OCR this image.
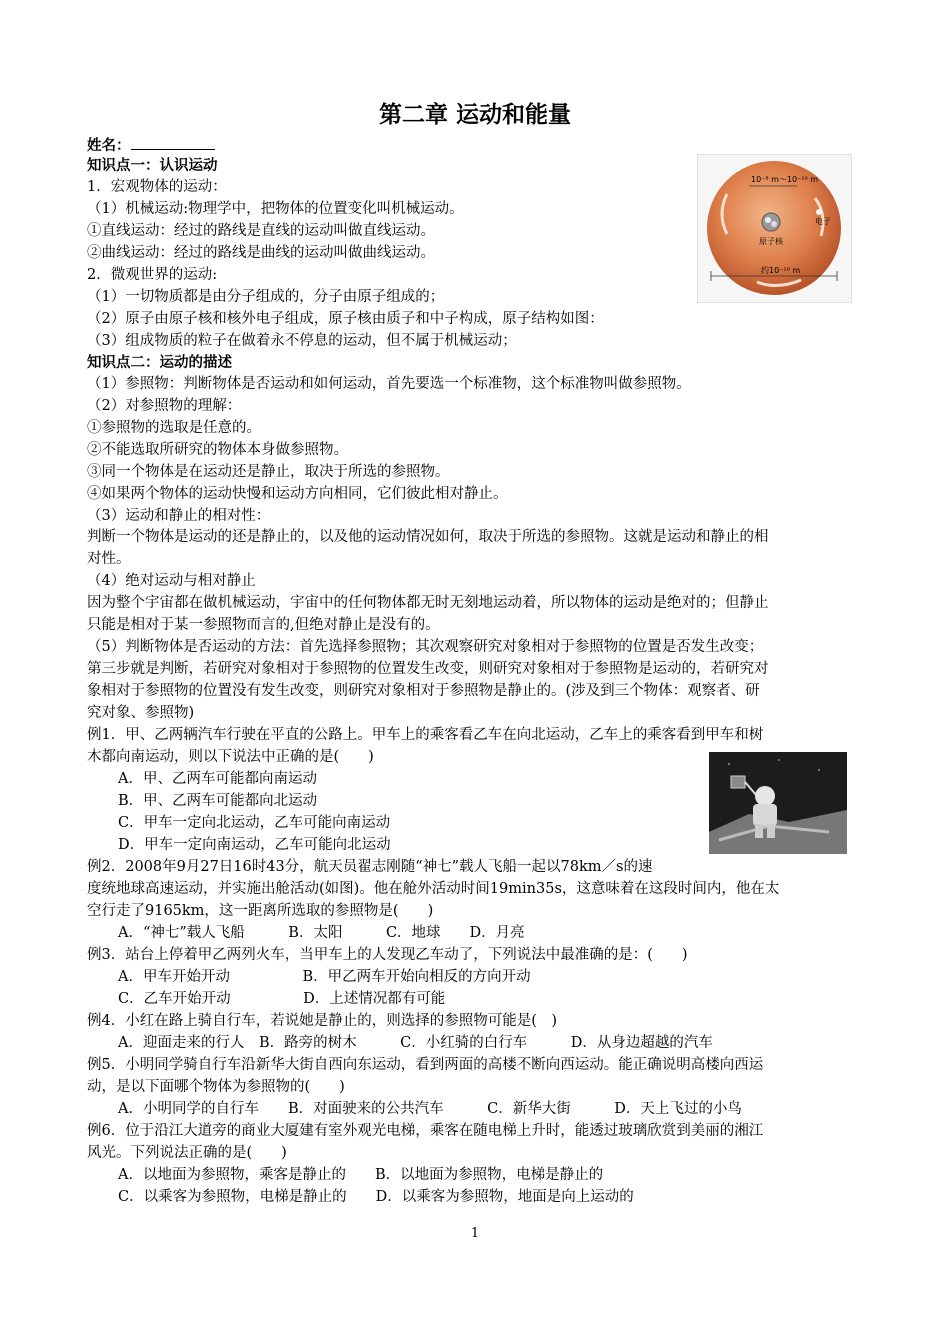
第二章 运动和能量
姓名：
知识点一：认识运动
1．宏观物体的运动：
（1）机械运动:物理学中，把物体的位置变化叫机械运动。
①直线运动：经过的路线是直线的运动叫做直线运动。
②曲线运动：经过的路线是曲线的运动叫做曲线运动。
2．微观世界的运动:
（1）一切物质都是由分子组成的，分子由原子组成的；
（2）原子由原子核和核外电子组成，原子核由质子和中子构成，原子结构如图：
（3）组成物质的粒子在做着永不停息的运动，但不属于机械运动；
知识点二：运动的描述
（1）参照物：判断物体是否运动和如何运动，首先要选一个标准物，这个标准物叫做参照物。
（2）对参照物的理解：
①参照物的选取是任意的。
②不能选取所研究的物体本身做参照物。
③同一个物体是在运动还是静止，取决于所选的参照物。
④如果两个物体的运动快慢和运动方向相同，它们彼此相对静止。
（3）运动和静止的相对性：
判断一个物体是运动的还是静止的，以及他的运动情况如何，取决于所选的参照物。这就是运动和静止的相
对性。
（4）绝对运动与相对静止
因为整个宇宙都在做机械运动，宇宙中的任何物体都无时无刻地运动着，所以物体的运动是绝对的；但静止
只能是相对于某一参照物而言的,但绝对静止是没有的。
（5）判断物体是否运动的方法：首先选择参照物；其次观察研究对象相对于参照物的位置是否发生改变；
第三步就是判断，若研究对象相对于参照物的位置发生改变，则研究对象相对于参照物是运动的，若研究对
象相对于参照物的位置没有发生改变，则研究对象相对于参照物是静止的。(涉及到三个物体：观察者、研
究对象、参照物)
例1．甲、乙两辆汽车行驶在平直的公路上。甲车上的乘客看乙车在向北运动，乙车上的乘客看到甲车和树
木都向南运动，则以下说法中正确的是(　　)
A．甲、乙两车可能都向南运动
B．甲、乙两车可能都向北运动
C．甲车一定向北运动，乙车可能向南运动
D．甲车一定向南运动，乙车可能向北运动
例2．2008年9月27日16时43分，航天员翟志刚随“神七”载人飞船一起以78km／s的速
度统地球高速运动，并实施出舱活动(如图)。他在舱外活动时间19min35s，这意味着在这段时间内，他在太
空行走了9165km，这一距离所选取的参照物是(　　)
A．“神七”载人飞船　　　B．太阳　　　C．地球　　D．月亮
例3．站台上停着甲乙两列火车，当甲车上的人发现乙车动了，下列说法中最准确的是：(　　)
A．甲车开始开动　　　　　B．甲乙两车开始向相反的方向开动
C．乙车开始开动　　　　　D．上述情况都有可能
例4．小红在路上骑自行车，若说她是静止的，则选择的参照物可能是(　)
A．迎面走来的行人　B．路旁的树木　　　C．小红骑的白行车　　　D．从身边超越的汽车
例5．小明同学骑自行车沿新华大街自西向东运动，看到两面的高楼不断向西运动。能正确说明高楼向西运
动，是以下面哪个物体为参照物的(　　)
A．小明同学的自行车　　B．对面驶来的公共汽车　　　C．新华大街　　　D．天上飞过的小鸟
例6．位于沿江大道旁的商业大厦建有室外观光电梯，乘客在随电梯上升时，能透过玻璃欣赏到美丽的湘江
风光。下列说法正确的是(　　)
A．以地面为参照物，乘客是静止的　　B．以地面为参照物，电梯是静止的
C．以乘客为参照物，电梯是静止的　　D．以乘客为参照物，地面是向上运动的
10⁻⁸ m～10⁻¹⁰ m
原子核
电子
约10⁻¹⁰ m
1
